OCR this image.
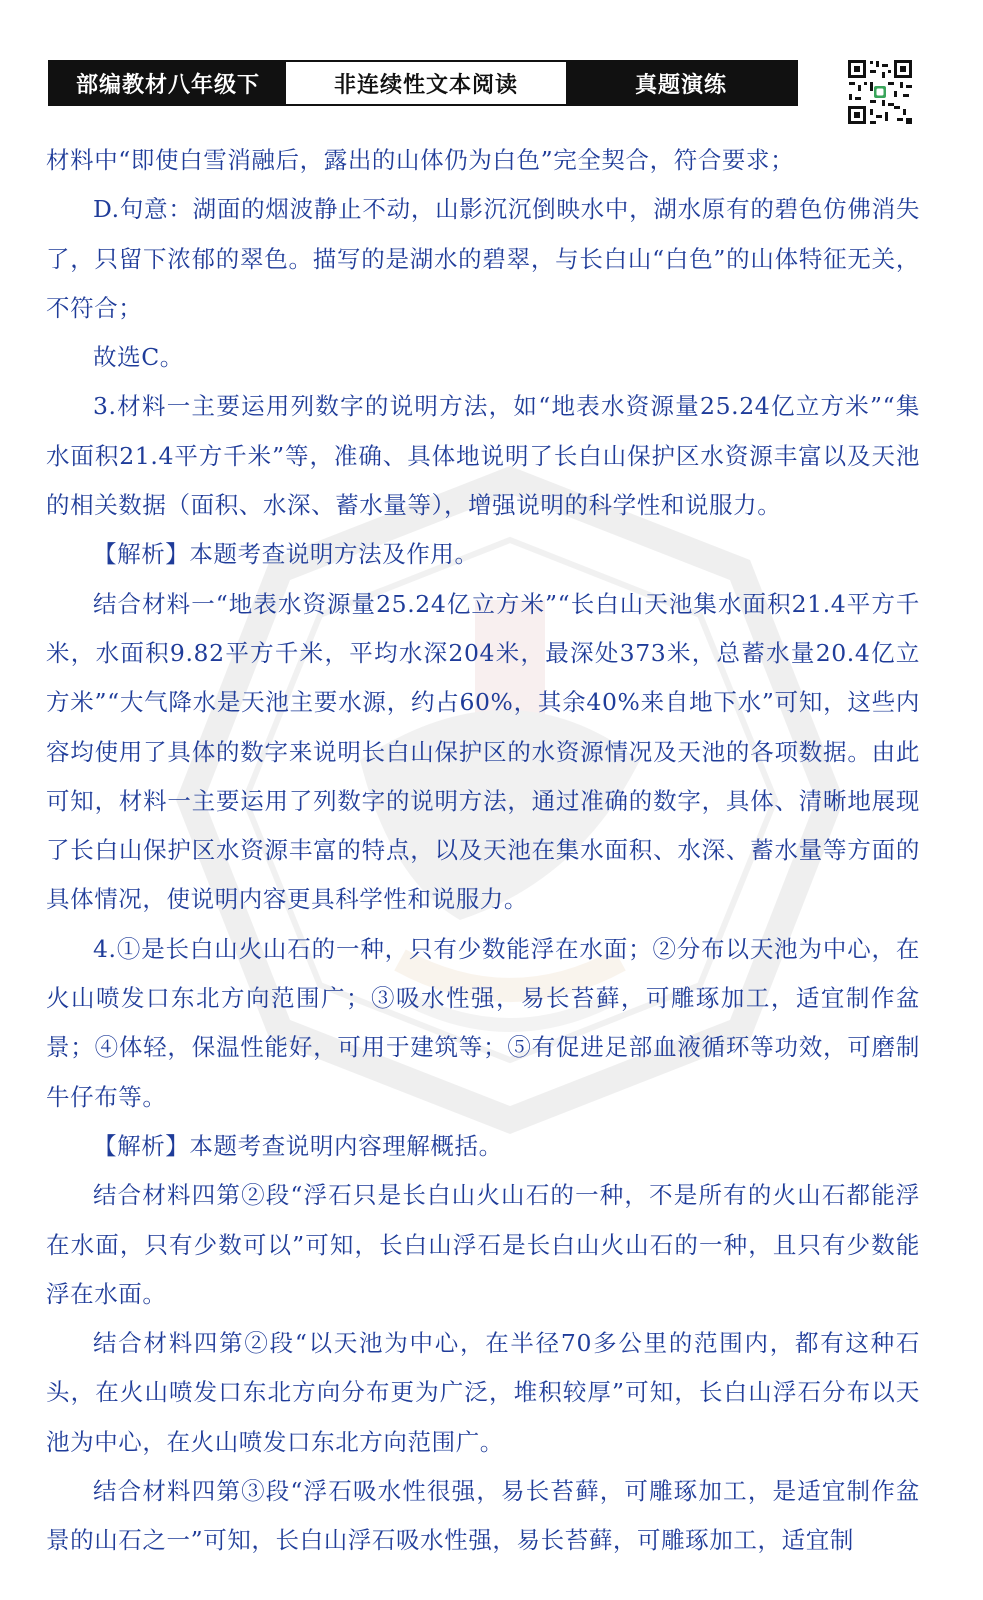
部编教材八年级下	非连续性文本阅读	真题演练

材料中“即使白雪消融后，露出的山体仍为白色”完全契合，符合要求；

D.句意：湖面的烟波静止不动，山影沉沉倒映水中，湖水原有的碧色仿佛消失了，只留下浓郁的翠色。描写的是湖水的碧翠，与长白山“白色”的山体特征无关，不符合；

故选C。

3.材料一主要运用列数字的说明方法，如“地表水资源量25.24亿立方米”“集水面积21.4平方千米”等，准确、具体地说明了长白山保护区水资源丰富以及天池的相关数据（面积、水深、蓄水量等），增强说明的科学性和说服力。

【解析】本题考查说明方法及作用。

结合材料一“地表水资源量25.24亿立方米”“长白山天池集水面积21.4平方千米，水面积9.82平方千米，平均水深204米，最深处373米，总蓄水量20.4亿立方米”“大气降水是天池主要水源，约占60%，其余40%来自地下水”可知，这些内容均使用了具体的数字来说明长白山保护区的水资源情况及天池的各项数据。由此可知，材料一主要运用了列数字的说明方法，通过准确的数字，具体、清晰地展现了长白山保护区水资源丰富的特点，以及天池在集水面积、水深、蓄水量等方面的具体情况，使说明内容更具科学性和说服力。

4.①是长白山火山石的一种，只有少数能浮在水面；②分布以天池为中心，在火山喷发口东北方向范围广；③吸水性强，易长苔藓，可雕琢加工，适宜制作盆景；④体轻，保温性能好，可用于建筑等；⑤有促进足部血液循环等功效，可磨制牛仔布等。

【解析】本题考查说明内容理解概括。

结合材料四第②段“浮石只是长白山火山石的一种，不是所有的火山石都能浮在水面，只有少数可以”可知，长白山浮石是长白山火山石的一种，且只有少数能浮在水面。

结合材料四第②段“以天池为中心，在半径70多公里的范围内，都有这种石头，在火山喷发口东北方向分布更为广泛，堆积较厚”可知，长白山浮石分布以天池为中心，在火山喷发口东北方向范围广。

结合材料四第③段“浮石吸水性很强，易长苔藓，可雕琢加工，是适宜制作盆景的山石之一”可知，长白山浮石吸水性强，易长苔藓，可雕琢加工，适宜制
